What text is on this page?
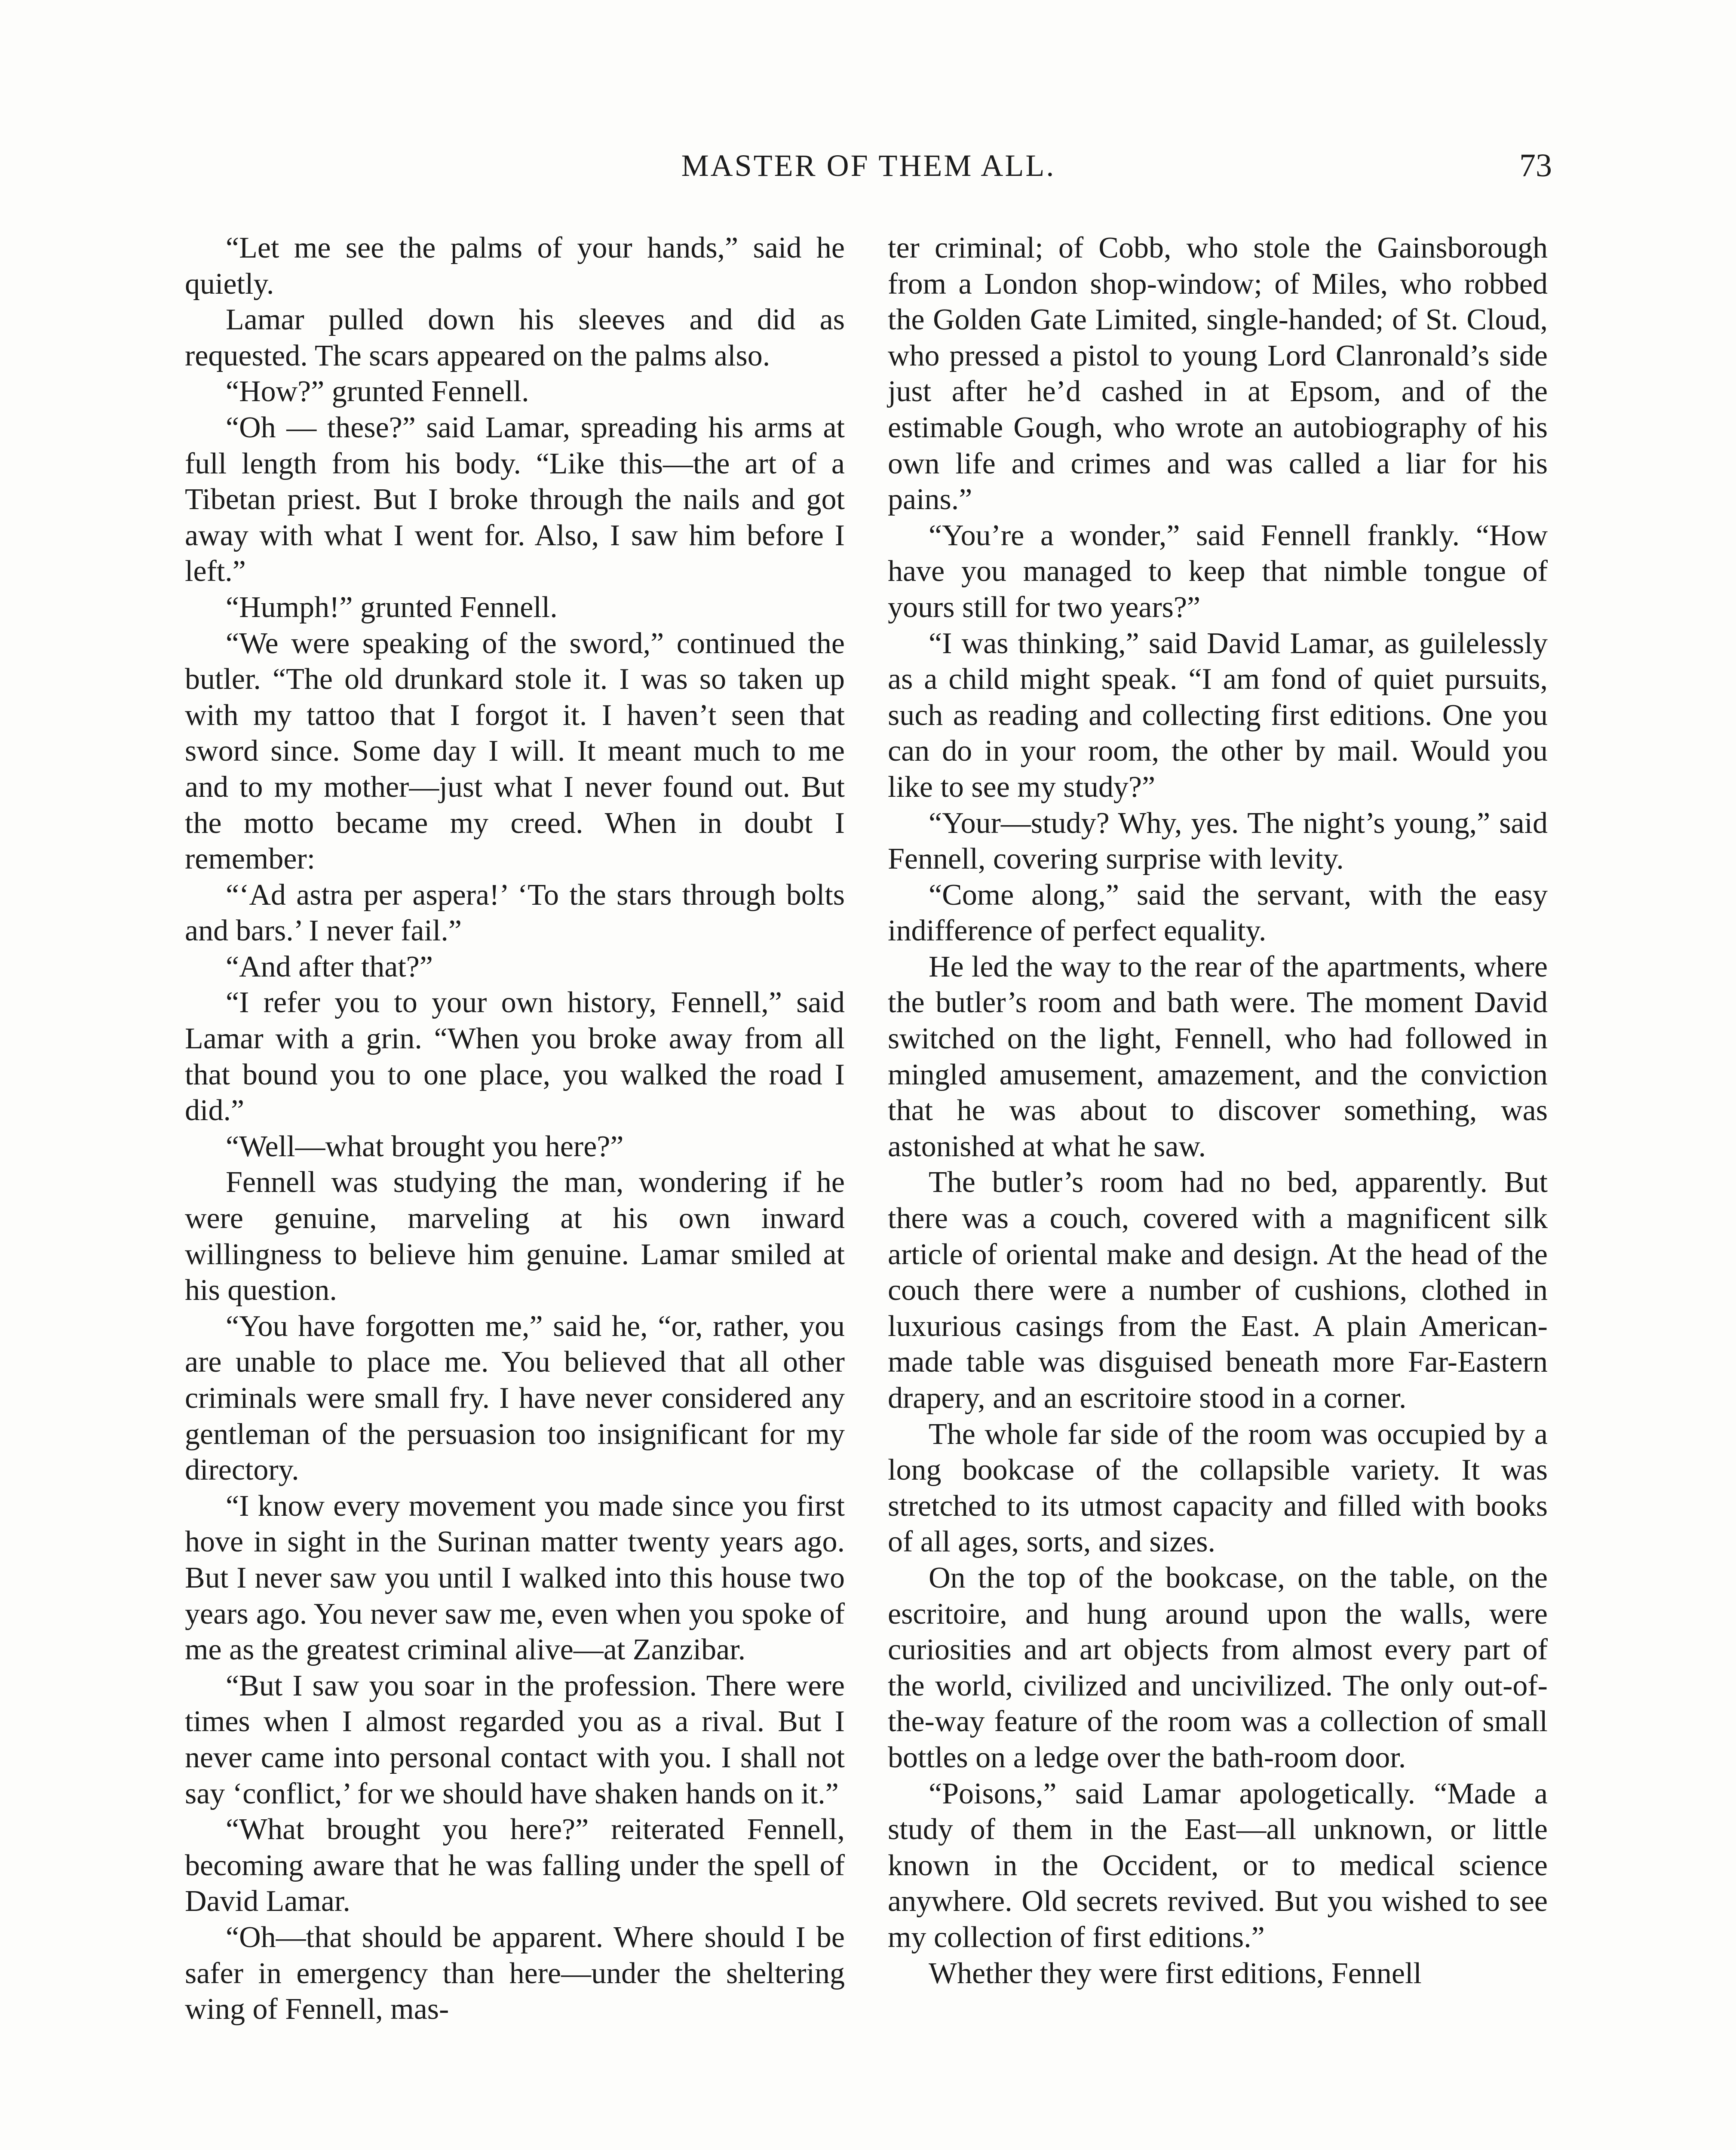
MASTER OF THEM ALL.	73

“Let me see the palms of your hands,” said he quietly.

Lamar pulled down his sleeves and did as requested. The scars appeared on the palms also.

“How?” grunted Fennell.

“Oh — these?” said Lamar, spreading his arms at full length from his body. “Like this—the art of a Tibetan priest. But I broke through the nails and got away with what I went for. Also, I saw him before I left.”

“Humph!” grunted Fennell.

“We were speaking of the sword,” continued the butler. “The old drunkard stole it. I was so taken up with my tattoo that I forgot it. I haven’t seen that sword since. Some day I will. It meant much to me and to my mother—just what I never found out. But the motto became my creed. When in doubt I remember:

“‘Ad astra per aspera!’ ‘To the stars through bolts and bars.’ I never fail.”

“And after that?”

“I refer you to your own history, Fennell,” said Lamar with a grin. “When you broke away from all that bound you to one place, you walked the road I did.”

“Well—what brought you here?”

Fennell was studying the man, wondering if he were genuine, marveling at his own inward willingness to believe him genuine. Lamar smiled at his question.

“You have forgotten me,” said he, “or, rather, you are unable to place me. You believed that all other criminals were small fry. I have never considered any gentleman of the persuasion too insignificant for my directory.

“I know every movement you made since you first hove in sight in the Surinan matter twenty years ago. But I never saw you until I walked into this house two years ago. You never saw me, even when you spoke of me as the greatest criminal alive—at Zanzibar.

“But I saw you soar in the profession. There were times when I almost regarded you as a rival. But I never came into personal contact with you. I shall not say ‘conflict,’ for we should have shaken hands on it.”

“What brought you here?” reiterated Fennell, becoming aware that he was falling under the spell of David Lamar.

“Oh—that should be apparent. Where should I be safer in emergency than here—under the sheltering wing of Fennell, mas-

ter criminal; of Cobb, who stole the Gainsborough from a London shop-window; of Miles, who robbed the Golden Gate Limited, single-handed; of St. Cloud, who pressed a pistol to young Lord Clanronald’s side just after he’d cashed in at Epsom, and of the estimable Gough, who wrote an autobiography of his own life and crimes and was called a liar for his pains.”

“You’re a wonder,” said Fennell frankly. “How have you managed to keep that nimble tongue of yours still for two years?”

“I was thinking,” said David Lamar, as guilelessly as a child might speak. “I am fond of quiet pursuits, such as reading and collecting first editions. One you can do in your room, the other by mail. Would you like to see my study?”

“Your—study? Why, yes. The night’s young,” said Fennell, covering surprise with levity.

“Come along,” said the servant, with the easy indifference of perfect equality.

He led the way to the rear of the apartments, where the butler’s room and bath were. The moment David switched on the light, Fennell, who had followed in mingled amusement, amazement, and the conviction that he was about to discover something, was astonished at what he saw.

The butler’s room had no bed, apparently. But there was a couch, covered with a magnificent silk article of oriental make and design. At the head of the couch there were a number of cushions, clothed in luxurious casings from the East. A plain American-made table was disguised beneath more Far-Eastern drapery, and an escritoire stood in a corner.

The whole far side of the room was occupied by a long bookcase of the collapsible variety. It was stretched to its utmost capacity and filled with books of all ages, sorts, and sizes.

On the top of the bookcase, on the table, on the escritoire, and hung around upon the walls, were curiosities and art objects from almost every part of the world, civilized and uncivilized. The only out-of-the-way feature of the room was a collection of small bottles on a ledge over the bath-room door.

“Poisons,” said Lamar apologetically. “Made a study of them in the East—all unknown, or little known in the Occident, or to medical science anywhere. Old secrets revived. But you wished to see my collection of first editions.”

Whether they were first editions, Fennell
